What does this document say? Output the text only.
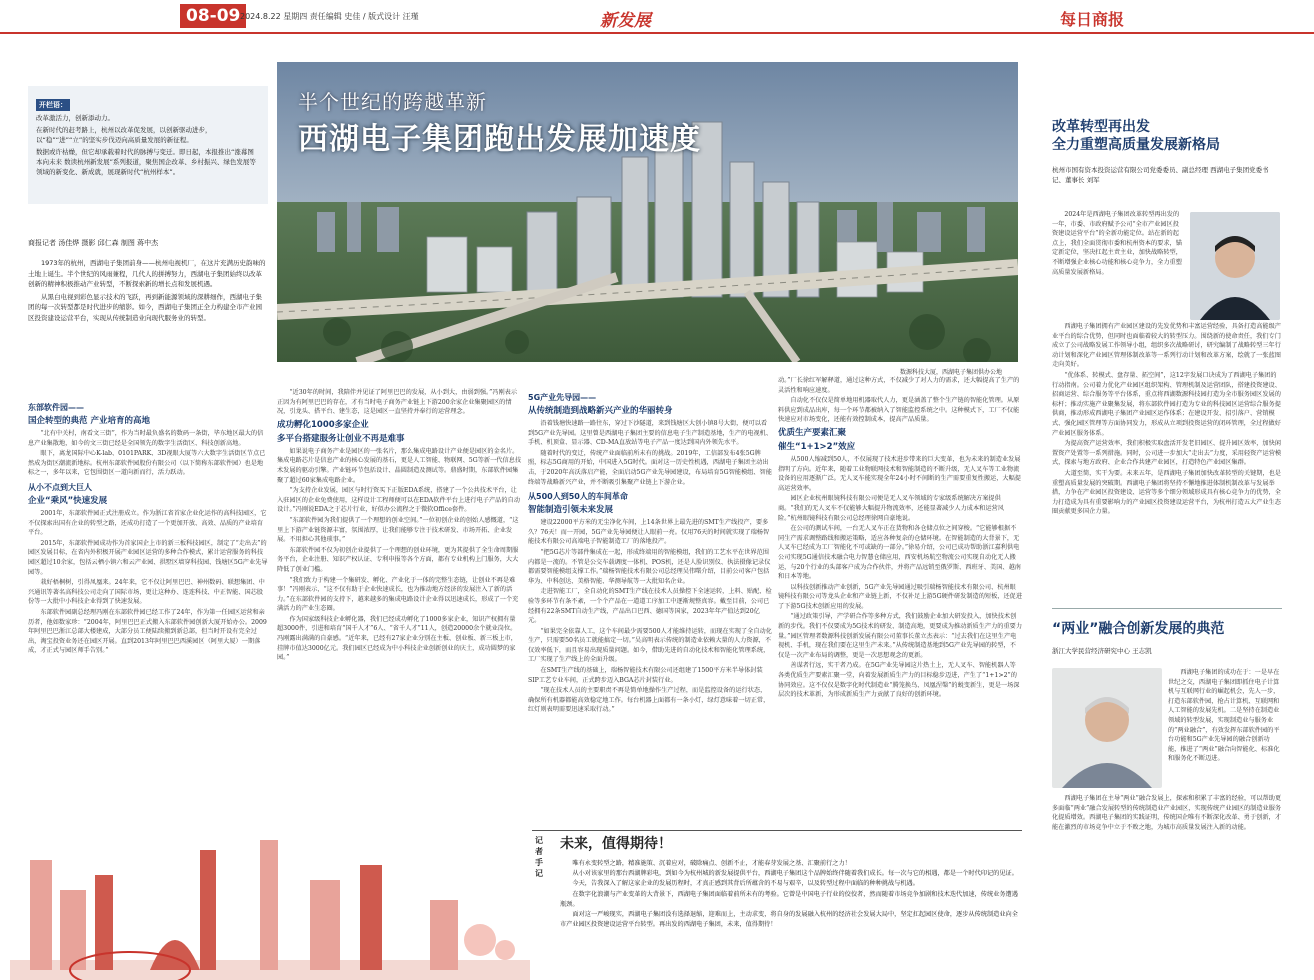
08-09 2024.8.22 星期四 责任编辑 史佳 / 版式设计 汪瑾	新发展	每日商报
开栏语：

改革激活力，创新添动力。

在新时代的赶考路上，杭州以改革促发展，以创新驱动进步，以“稳”“进”“立”的坚实步伐迈向高质量发展的新征程。

数据或许枯燥，但它却承载着时代的脉搏与变迁。即日起，本报推出“涨幕图本向未来 数读杭州新发展”系列报道，聚焦国企改革、乡村振兴、绿色发展等领域的新变化、新成就，展现新时代“杭州样本”。

商报记者 汤佳烨 摄影 邱仁森 制图 蒋中杰

1973年的杭州，西湖电子集团前身——杭州电视机厂，在这片充满历史韵味的土地上诞生。半个世纪的风雨兼程，几代人的拼搏努力，西湖电子集团始终以改革创新的精神积极推动产业转型，不断探索新的增长点和发展机遇。

从黑白电视到彩色显示技术的飞跃，再到新能源领域的深耕细作，西湖电子集团的每一次转型都是时代进步的缩影。如今，西湖电子集团正全力构建全市产业园区投资建设运营平台，实现从传统制造业向现代服务业的转型。

半个世纪的跨越革新
西湖电子集团跑出发展加速度
数源科技大厦，西湖电子集团供办公地
东部软件园——
国企转型的典范 产业培育的高地

“北有中关村，南看文三街”，作为当时最负盛名的数码一条街，毕东地区最大的信息产业集散地，如今的文三街已经是全国领先的数字生活街区、科技创新高地。

眼下，离龙国际中心K-lab、0101PARK、3D视眼大厦等六大数字生活街区节点已然成为街区潮流新地标。杭州东部软件园股份有限公司（以下简称东部软件园）也是地标之一，多年以来，它包围街区一道向新而行，活力跃动。

从小不点到大巨人
企业“乘风”快速发展

2001年，东部软件园正式注册成立。作为浙江省首家企业化运作的高科技园区，它不仅探索出国有企业的转型之路，还成功打造了一个更加开放、高效、品质的产业培育平台。

2015年，东部软件园成功作为首家国企上市的新三板科技园区，制定了“走出去”的园区发展目标，在省内外积极开展产业园区运营的多种合作模式，累计运营服务的科技园区超过10余家，包括云栖小镇六和云产业园、拱墅区墙穿科技园、钱塘区5G产业先导园等。

栽好梧桐树，引得凤凰来。24年来，它不仅让阿里巴巴、神州数码、联想集团、中兴通讯等著名高科技公司走向了国际市场，更让这种办、连连科技、中正智能、国芯股份等一大批中小科技企业得到了快速发展。

东部软件园副总经理冯刚在东部软件园已经工作了24年，作为第一任园区运营和亲历者，他如数家珍：“2004年，阿里巴巴正式搬入东部软件园创新大厦开始办公。2009年阿里巴巴浙江总部大楼建成，大部分员工便陆续搬到新总部，但当时开设有完全过出，淘宝投资业务还在园区开展。直到2013年阿里巴巴西溪园区（阿里大厦）一期落成，才正式与园区师手告别。”

“近30年的时间，我陪伴并见证了阿里巴巴的发展，从小到大，由弱到强。”冯刚表示正因为有阿里巴巴的存在，才有当时电子商务产业链上下游200余家企业集聚园区的情况，引龙头、搭平台、建生态，这是园区一直坚持并奉行的运营理念。

成功孵化1000多家企业
多平台搭建服务让创业不再是难事

如果说电子商务产业是园区的一张名片，那么集成电路设计产业便是园区的金名片。集成电路芯片是信息产业的核心发展的基石，更是人工智能、物联网、5G等新一代信息技术发展的驱动引擎。产业链环节包括设计、晶圆制造及测试等。鼎盛时期，东部软件园集聚了超过60家集成电路企业。

“为支持企业发展，园区与时行资买下正版EDA系统，搭建了一个公共技术平台，让入驻园区的企业免费使用，这样设计工程师便可以在EDA软件平台上进行电子产品的自动设计。”冯刚说EDA之于芯片行业，好似办公流程之于微软Office套件。

“东部软件园为我们提供了一个理想的创业空间。”一位初创企业的创始人感慨道，“这里上下游产业链资源丰富，氛围浓厚，让我们能够专注于技术研发、市场开拓、企业发展。不用担心其他琐事。”

东部软件园不仅为初创企业提供了一个理想的创业环境，更为其提供了全生命周期服务平台，企业注册、知识产权认证、专利申报等各个方面，都有专业机构上门服务，大大降低了创业门槛。

“我们致力于构建一个集研发、孵化、产业化于一体的完整生态链，让创业不再是难事！”冯刚表示，“这不仅有助于企业快速成长，也为推动地方经济的发展注入了新的活力。”在东部软件园的支持下，越来越多的集成电路设计企业得以迅速成长，形成了一个充满活力的产业生态圈。

作为国家级科技企业孵化器，我们已经成功孵化了1000多家企业，知识产权拥有量超3000件，引进和培育“国千人才”6人、“省千人才”11人，创造20000余个就业岗位。冯刚露出满满的自豪感。“近年来，已经有27家企业分别在主板、创业板、新三板上市，挂牌市值达3000亿元。我们园区已经成为中小科技企业创新创业的庆土，成功圆梦的家园。”

5G产业先导园——
从传统制造到战略新兴产业的华丽转身

沿着钱塘快速路一路往东，穿过下沙隧道，来到钱塘区大创小镇8号大街，便可以看到5G产业先导园。这里曾是西湖电子集团主要的信息电子生产制造基地，生产的电视机、手机、机顶盒、显示器、CD-MA直放站等电子产品一度达到国内外领先水平。

随着时代的变迁，传统产业面临前所未有的挑战。2019年，工信部发布4张5G牌照，标志5G商用的开始，中国进入5G时代。面对这一历史性机遇，西湖电子集团主动出击，于2020年高沃落启产能，全面启动5G产业先导园建设，布局培育5G智能模组、智能终端等战略新兴产业，并不断吸引集聚产业链上下游企业。

从500人到50人的车间革命
智能制造引领未来发展

建设22000平方米的无尘净化车间，上14条世界上最先进的SMT生产线投产，要多久？76天！而一开园，5G产业先导园便让人眼前一亮。仅用76天的时间就实现了瑞杨智能技术有限公司高端电子智能制造工厂的落地投产。

“把5G芯片等部件集成在一起，形成终端用的智能模组，我们的工艺水平在世界范围内都是一流的。不管是公交车载调度一体机、POS机，还是人脸识别仪、执法摄像记录仪都需要智能模组支撑工作。”瑞杨智能技术有限公司总经理吴伟曙介绍，目前公司客户包括华为、中科创达、美格智能、华测导航等一大批知名企业。

走进智能工厂，全自动化的SMT生产线在技术人员操控下全速运转，上料、贴配、检验等多环节有条不紊，一个个产品在一道道工序加工中逐渐规整真容。戴至目前，公司已经拥有22条SMT自动生产线，产品出口巴西、德国等国家，2023年年产值达到20亿元。

“如果完全依靠人工，这个车间最少需要500人才能维持运转，而现在实现了全自动化生产，只需要50名员工就能搞定一切。”吴高明表示传统的制造业依赖大量的人力资源，不仅效率低下，而且容易出现质量问题。如今，借助先进的自动化技术和智能化管理系统，工厂实现了生产线上的全面升级。

在SMT生产线的基础上，瑞杨智能技术有限公司还组建了1500平方米半导体封装SIP工艺专业车间，正式跨步迈入BGA芯片封装行业。

“现在技术人员的主要职责不再是简单地操作生产过程，而是监控设备的运行状态，确保所有机器都能高效稳定地工作。每台机器上面都有一条小灯，绿灯意味着一切正常，红灯则表明需要迅速采取行动。”

动。”厂长徐红军解释道，通过这种方式，不仅减少了对人力的需求，还大幅提高了生产的灵活性和响应速度。

自动化不仅仅是简单地用机器取代人力，更是涵盖了整个生产链的智能化管理。从原料供应到成品出库，每一个环节都被纳入了智能监控系统之中。这种模式下，工厂不仅能快速应对市场变化，还能有效控制成本，提高产品质量。

优质生产要素汇聚
催生“1+1>2”效应

从500人缩减到50人，不仅展现了技术进步带来的巨大变革，也为未来的制造业发展指明了方向。近年来，随着工业物联网技术和智能制造的不断升级，无人叉车等工业物流设备的应用逐渐广泛。无人叉车能实现全年24小时不间断的生产需要重复性搬运，大幅提高运营效率。

园区企业杭州眼镜科技有限公司便是无人叉车领域的专家级系统解决方案提供商。“我们的无人叉车不仅能够大幅提升物流效率，还能显著减少人力成本和运营风险。”杭州眼镜科技有限公司总经理徐网自豪地说。

在公司的测试车间，一台无人叉车正在货物和各仓储点位之间穿梭。“它能够根据不同生产需求调整路线和搬运策略，适应各种复杂的仓储环境。在智能制造的大背景下，无人叉车已经成为工厂智能化不可或缺的一部分。”徐易介绍，公司已成功帮助浙江嘉利供电公司实现5G通信技术融合电力智慧仓储应用，西安机场航空物流公司实现自动化无人搬运，与20个行业的头部客户成为合作伙伴，并将产品远销至俄罗斯、西班牙、美国、越南和日本等地。

以科技创新推动产业创新，5G产业先导园通过吸引瑞杨智能技术有限公司、杭州眼镜科技有限公司等龙头企业和产业链上新，不仅补足上游5G硬件研发制造的短板，还促进了下游5G技术创新应用的发展。

“通过政策引导，产学研合作等多种方式，我们鼓励企业加大研发投入，加快技术创新的步伐。我们不仅要成为5G技术的研发、制造高地，更要成为推动新质生产力的重要力量。”园区管理者数源科技创新发展有限公司董事长董立杰表示：“过去我们在这里生产电视机、手机，现在我们要在这里生产未来。”从传统制造基地到5G产业先导园的转型，不仅是一次产业布局的调整，更是一次思想观念的更新。

善谋者行远，实干者乃成。在5G产业先导园这片热土上，无人叉车、智能机器人等各类优质生产要素汇聚一堂，向着发展新质生产力的目标稳步迈进，产生了“1+1>2”的协同效应。这不仅仅是数字化时代制造业“腾笼换鸟、凤凰涅槃”的蜕变新生，更是一场深层次的技术革新，为形成新质生产力贡献了良好的创新环境。

记者手记
未来，值得期待！

唯有永变转型之路，精准施策、沉着应对，破除痛点、创新不止，才能春芽发展之基、汇聚前行之力！

从小对该家里的那台西湖牌彩电，到如今为杭州城的新发展提供平台，西湖电子集团这个品牌始终伴随着我们成长。每一次与它的相遇，都是一个时代印记的见证。

今天，告我深入了解这家企业的发展历程时，才真正感到其背后所蕴含的不易与艰辛，以及转型过程中面临的种种挑战与机遇。

在数字化浪潮与产业变革的大背景下，西湖电子集团面临着前所未有的考验。它曾是中国电子行业的佼佼者，然而随着市场竞争加剧和技术迭代加速，传统业务遭遇瓶颈。

面对这一严峻现实，西湖电子集团没有选择退缩，迎难而上，主动求变，将自身的发展融入杭州的经济社会发展大局中，坚定扛起园区使命，逐步从传统制造业向全市产业园区投资建设运营平台转型。再出发的西湖电子集团，未来，值得期待！

改革转型再出发
全力重塑高质量发展新格局
杭州市国有资本投资运营有限公司党委委员、副总经理 西湖电子集团党委书记、董事长 刘军

2024年是西湖电子集团改革转型再出发的一年，市委、市政府赋予公司“全市产业园区投资建设运营平台”的全新功能定位。站在新的起点上，我们全面贯彻市委和杭州资本的要求，锚定新定位，坚决扛起主责主业，加快战略转型，不断增强企业核心功能和核心竞争力，全力重塑高质量发展新格局。

西湖电子集团拥有产业园区建设的先发优势和丰富运营经验，具备打造高能级产业平台的综合优势，但同时也面临着较大的转型压力。围绕新的使命责任，我们专门成立了公司战略发展工作领导小组，组织多次战略研讨，研究编制了战略转型三年行动计划和深化产业园区管理体制改革等一系列行动计划和改革方案，绘就了一张蓝图走向美好。

“优体系、转模式、盘存量、拓空间”，这12字发展口诀成为了西湖电子集团的行动指南。公司着力优化产业园区组织架构、管理机制及运营团队，搭建投资建设、招商运营、综合服务等平台体系，重点将西湖数源科技园打造为全市服务园区发展的标杆；推动实施产业聚集发展，将东部软件园打造为专业的科技园区运营综合服务提供商，推动形成西湖电子集团产业园区运作体系；在建设开发、招引落户、营销模式、强化园区管理等方面协同发力，形成从立项到投资运营的闭环管理，全过程做好产业园区服务体系。

为提高资产运营效率，我们积极实取盘活开发老旧园区、提升园区效率，加快闲置资产处置等一系列措施。同时，公司进一步加大“走出去”力度，采用轻资产运营模式，探索与地方政府、企业合作共建产业园区，打造特色产业园区集群。

大道至简，实干为要。未来五年，是西湖电子集团加快改革转型的关键期，也是重塑高质量发展的突破期。西湖电子集团将坚持不懈地推进体制机制改革与发展举措，力争在产业园区投资建设、运营等多个细分领域形成具有核心竞争力的优势，全力打造成为具有重要影响力的产业园区投资建设运营平台，为杭州打造五大产业生态圈贡献更多国企力量。

“两业”融合创新发展的典范
浙江大学民营经济研究中心 王志凯

西湖电子集团的成功在于：一是早在世纪之交，西湖电子集团即抓住电子计算机与互联网行业的崛起机会，先人一步，打造东部软件园，抢占计算机、互联网和人工智能的发展先机。二是坚持在制造业领域的转型发展，实现制造业与服务业的“两业融合”，有效发挥东部软件园的平台功能和5G产业先导园的融合创新功能，推进了“两业”融合向智能化、标准化和服务化不断迈进。

西湖电子集团在主导“两业”融合发展上，探索和积累了丰富的经验，可以帮助更多面临“两业”融合发展转型的传统制造业产业园区，实现传统产业园区的制造业服务化提质增效。西湖电子集团的实践证明，传统国企唯有不断深化改革、勇于创新，才能在激烈的市场竞争中立于不败之地，为城市高质量发展注入新的动能。
